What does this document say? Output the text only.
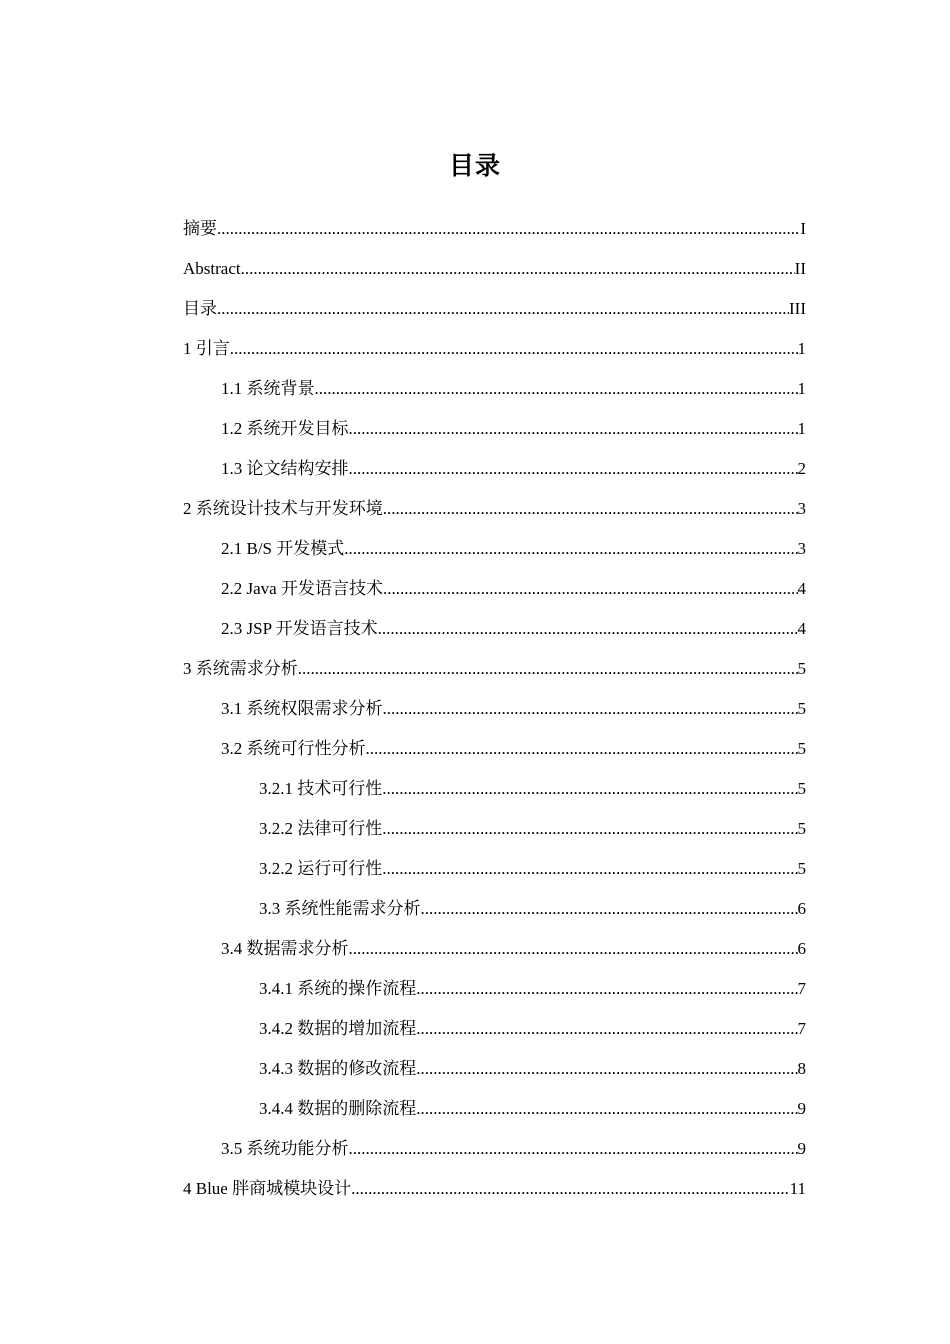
目录
摘要 .....	I
Abstract .....	II
目录 .....	III
1 引言 .....	1
1.1 系统背景 .....	1
1.2 系统开发目标 .....	1
1.3 论文结构安排 .....	2
2 系统设计技术与开发环境 .....	3
2.1 B/S 开发模式 .....	3
2.2 Java 开发语言技术 .....	4
2.3 JSP 开发语言技术 .....	4
3 系统需求分析 .....	5
3.1 系统权限需求分析 .....	5
3.2 系统可行性分析 .....	5
3.2.1 技术可行性 .....	5
3.2.2 法律可行性 .....	5
3.2.2 运行可行性 .....	5
3.3 系统性能需求分析 .....	6
3.4 数据需求分析 .....	6
3.4.1 系统的操作流程 .....	7
3.4.2 数据的增加流程 .....	7
3.4.3 数据的修改流程 .....	8
3.4.4 数据的删除流程 .....	9
3.5 系统功能分析 .....	9
4 Blue 胖商城模块设计 .....	11
